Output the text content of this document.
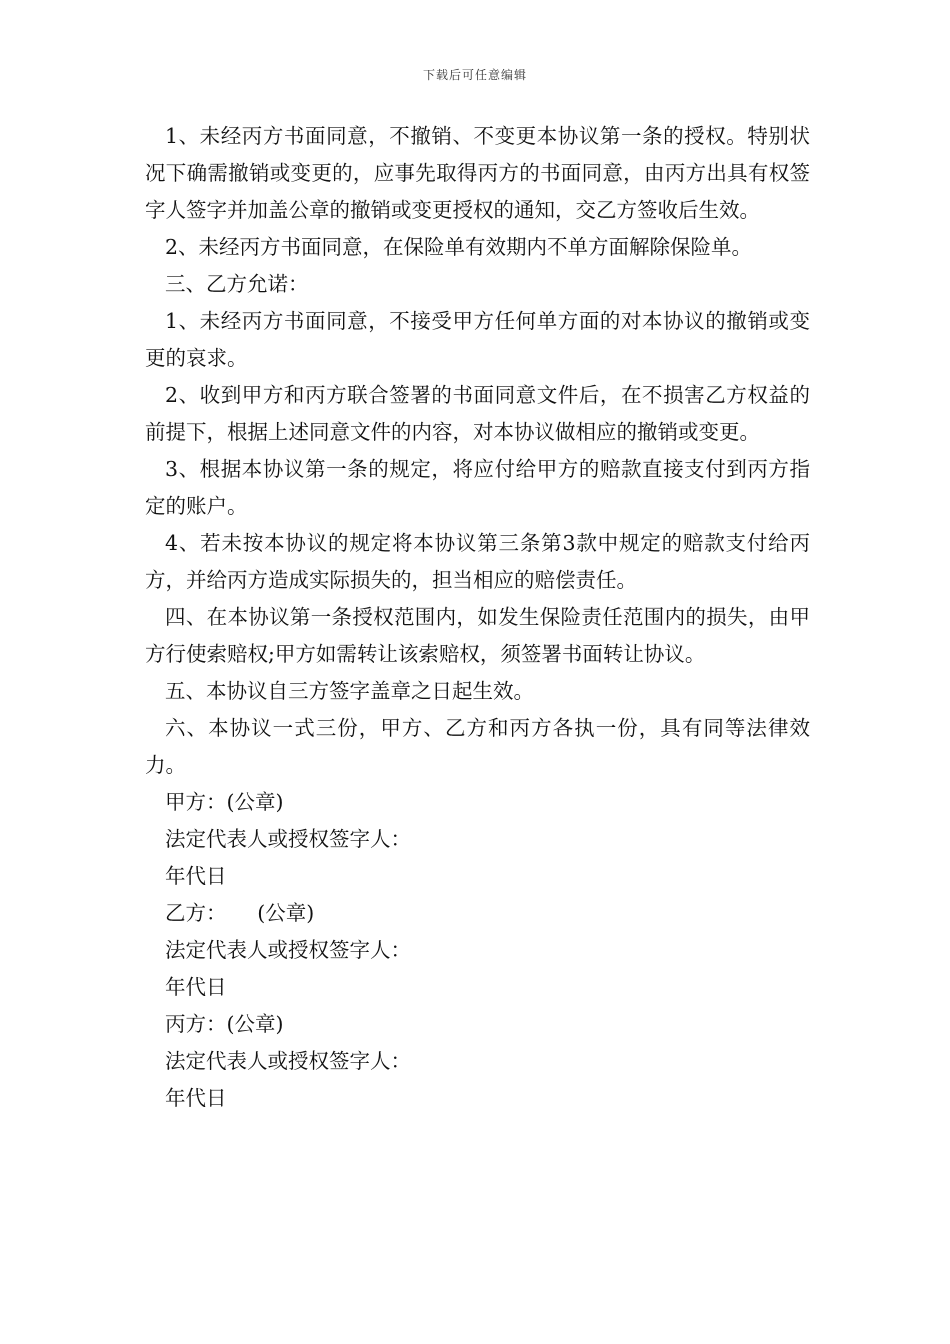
下载后可任意编辑

1、未经丙方书面同意，不撤销、不变更本协议第一条的授权。特别状况下确需撤销或变更的，应事先取得丙方的书面同意，由丙方出具有权签字人签字并加盖公章的撤销或变更授权的通知，交乙方签收后生效。

2、未经丙方书面同意，在保险单有效期内不单方面解除保险单。

三、乙方允诺：

1、未经丙方书面同意，不接受甲方任何单方面的对本协议的撤销或变更的哀求。

2、收到甲方和丙方联合签署的书面同意文件后，在不损害乙方权益的前提下，根据上述同意文件的内容，对本协议做相应的撤销或变更。

3、根据本协议第一条的规定，将应付给甲方的赔款直接支付到丙方指定的账户。

4、若未按本协议的规定将本协议第三条第3款中规定的赔款支付给丙方，并给丙方造成实际损失的，担当相应的赔偿责任。

四、在本协议第一条授权范围内，如发生保险责任范围内的损失，由甲方行使索赔权;甲方如需转让该索赔权，须签署书面转让协议。

五、本协议自三方签字盖章之日起生效。

六、本协议一式三份，甲方、乙方和丙方各执一份，具有同等法律效力。

甲方：(公章)

法定代表人或授权签字人：

年代日

乙方：　　(公章)

法定代表人或授权签字人：

年代日

丙方：(公章)

法定代表人或授权签字人：

年代日
